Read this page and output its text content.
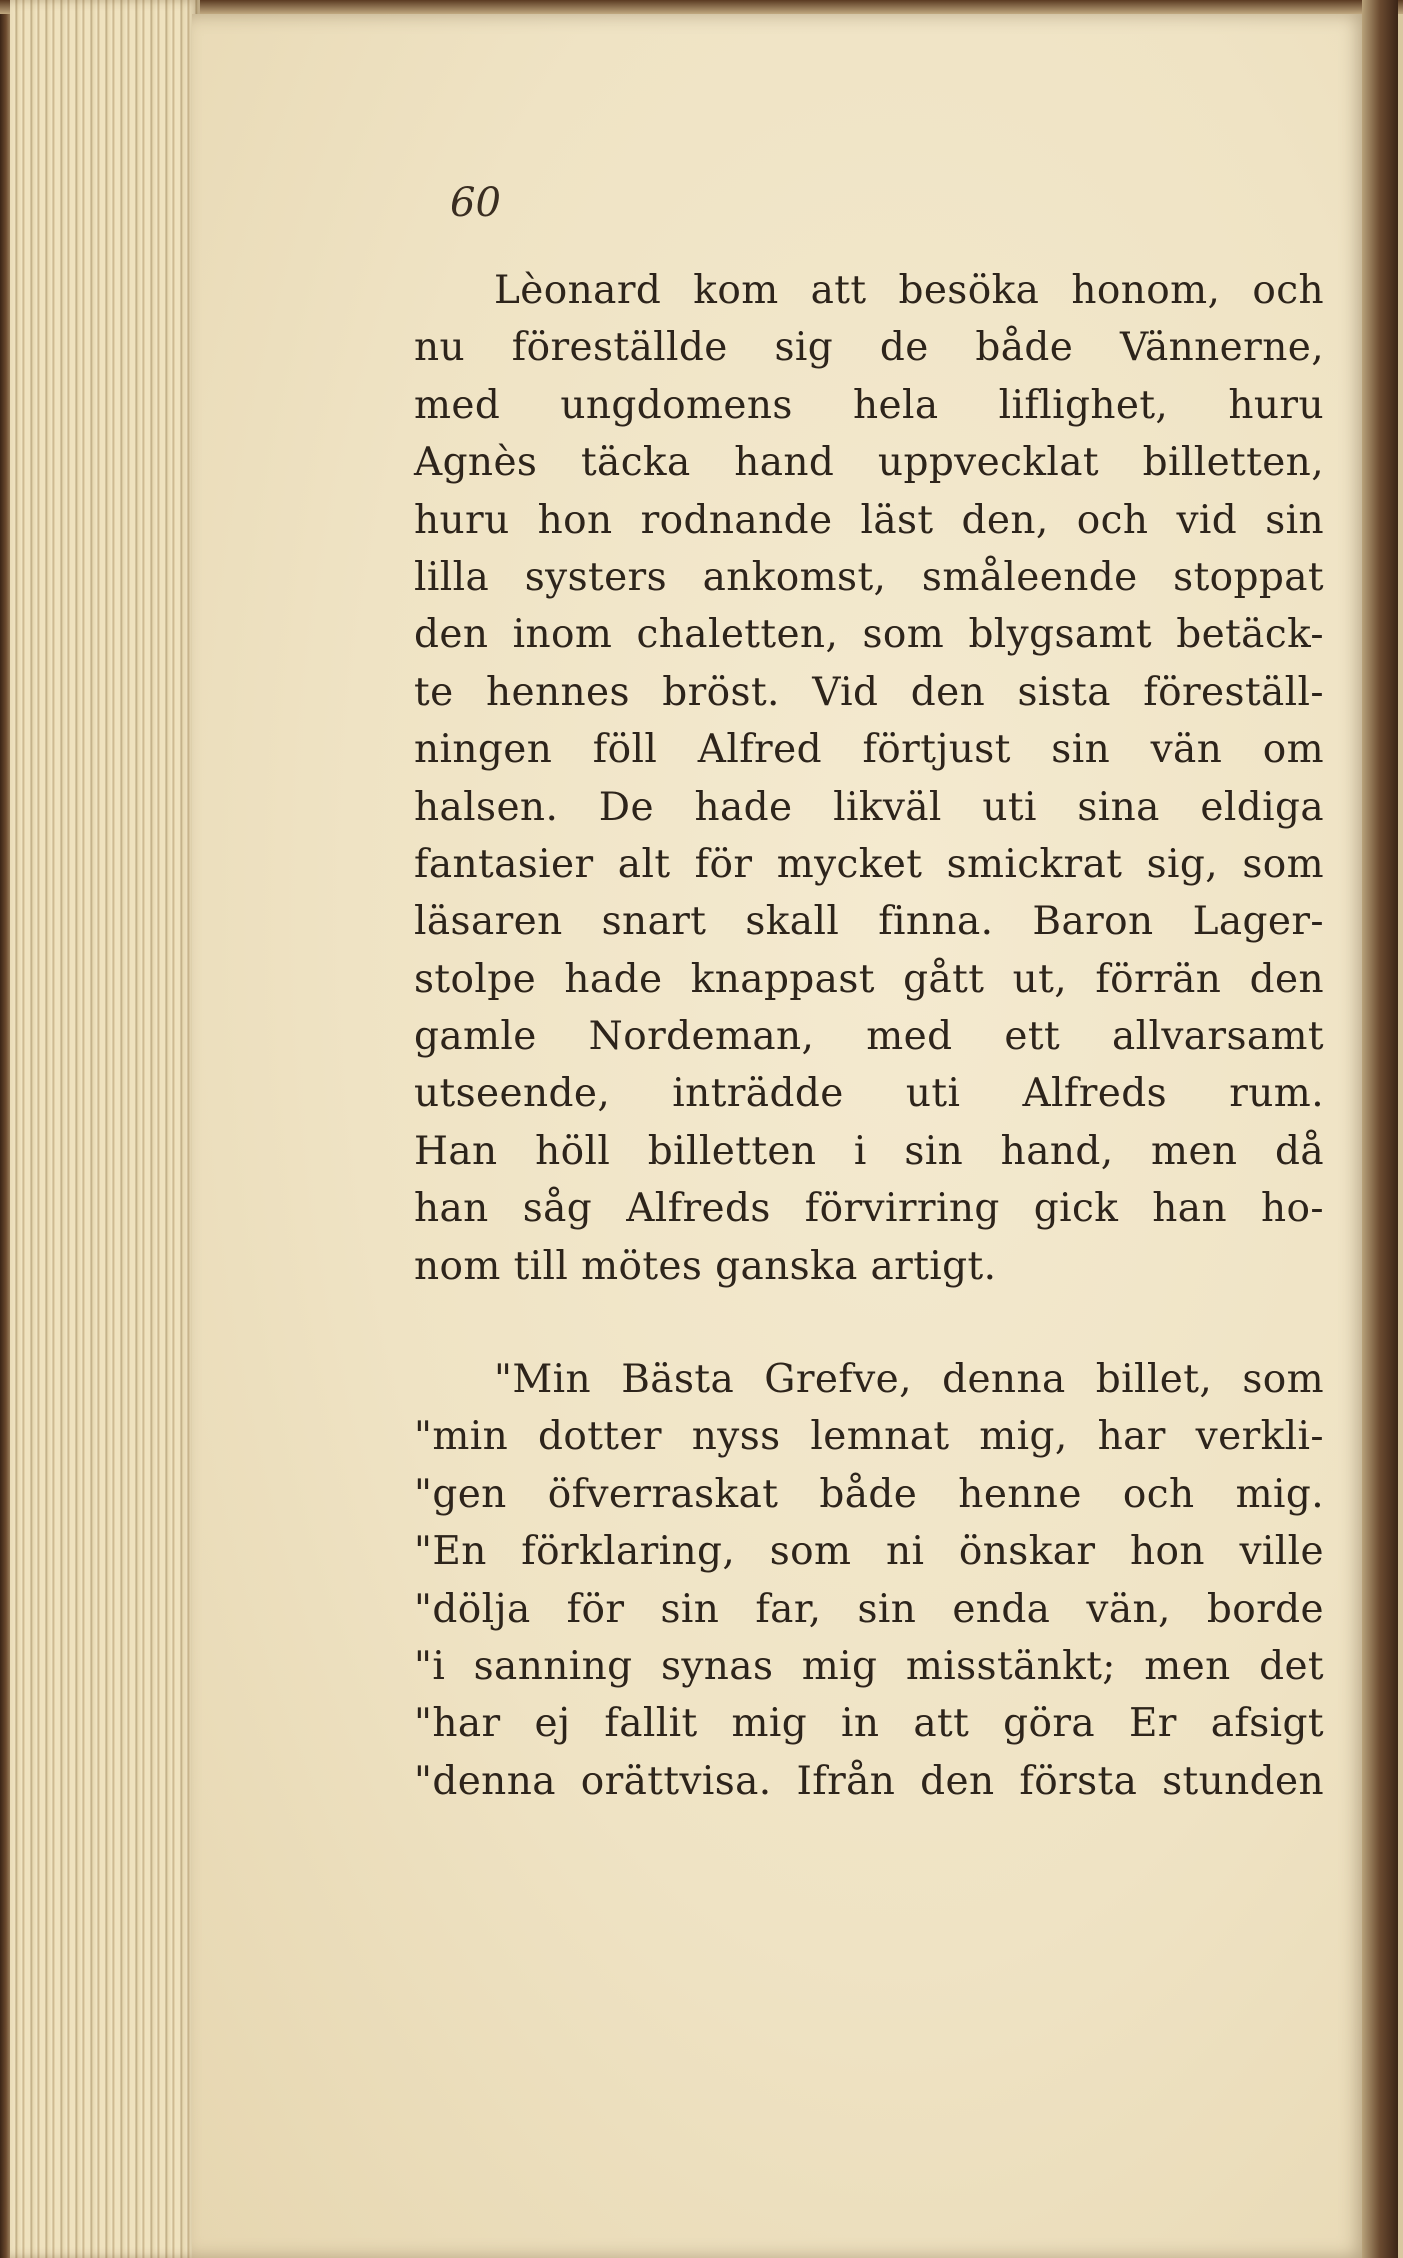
60
Lèonard kom att besöka honom, och
nu föreställde sig de både Vännerne,
med ungdomens hela liflighet, huru
Agnès täcka hand uppvecklat billetten,
huru hon rodnande läst den, och vid sin
lilla systers ankomst, småleende stoppat
den inom chaletten, som blygsamt betäck-
te hennes bröst. Vid den sista föreställ-
ningen föll Alfred förtjust sin vän om
halsen. De hade likväl uti sina eldiga
fantasier alt för mycket smickrat sig, som
läsaren snart skall finna. Baron Lager-
stolpe hade knappast gått ut, förrän den
gamle Nordeman, med ett allvarsamt
utseende, inträdde uti Alfreds rum.
Han höll billetten i sin hand, men då
han såg Alfreds förvirring gick han ho-
nom till mötes ganska artigt.
"Min Bästa Grefve, denna billet, som
"min dotter nyss lemnat mig, har verkli-
"gen öfverraskat både henne och mig.
"En förklaring, som ni önskar hon ville
"dölja för sin far, sin enda vän, borde
"i sanning synas mig misstänkt; men det
"har ej fallit mig in att göra Er afsigt
"denna orättvisa. Ifrån den första stunden
